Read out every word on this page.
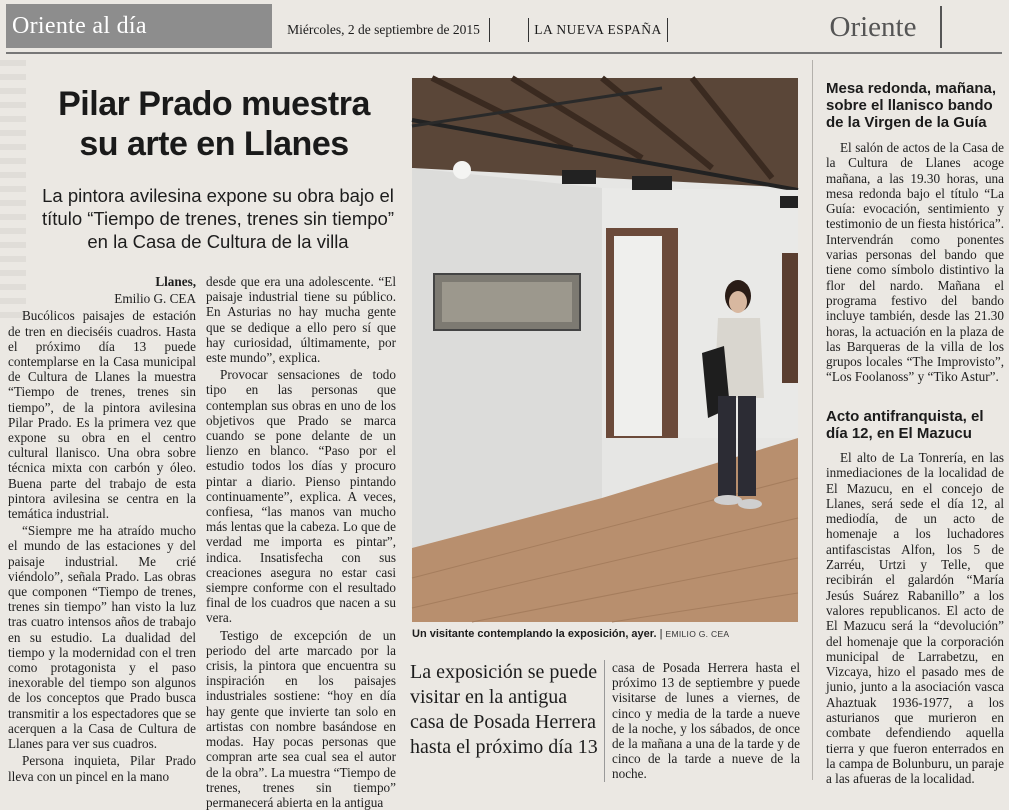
Oriente al día	Miércoles, 2 de septiembre de 2015	LA NUEVA ESPAÑA	Oriente
Pilar Prado muestra
su arte en Llanes
La pintora avilesina expone su obra bajo el título “Tiempo de trenes, trenes sin tiempo” en la Casa de Cultura de la villa

Llanes,

Emilio G. CEA

Bucólicos paisajes de estación de tren en dieciséis cuadros. Hasta el próximo día 13 puede contemplarse en la Casa municipal de Cultura de Llanes la muestra “Tiempo de trenes, trenes sin tiempo”, de la pintora avilesina Pilar Prado. Es la primera vez que expone su obra en el centro cultural llanisco. Una obra sobre técnica mixta con carbón y óleo. Buena parte del trabajo de esta pintora avilesina se centra en la temática industrial.

“Siempre me ha atraído mucho el mundo de las estaciones y del paisaje industrial. Me crié viéndolo”, señala Prado. Las obras que componen “Tiempo de trenes, trenes sin tiempo” han visto la luz tras cuatro intensos años de trabajo en su estudio. La dualidad del tiempo y la modernidad con el tren como protagonista y el paso inexorable del tiempo son algunos de los conceptos que Prado busca transmitir a los espectadores que se acerquen a la Casa de Cultura de Llanes para ver sus cuadros.

Persona inquieta, Pilar Prado lleva con un pincel en la mano

desde que era una adolescente. “El paisaje industrial tiene su público. En Asturias no hay mucha gente que se dedique a ello pero sí que hay curiosidad, últimamente, por este mundo”, explica.

Provocar sensaciones de todo tipo en las personas que contemplan sus obras en uno de los objetivos que Prado se marca cuando se pone delante de un lienzo en blanco. “Paso por el estudio todos los días y procuro pintar a diario. Pienso pintando continuamente”, explica. A veces, confiesa, “las manos van mucho más lentas que la cabeza. Lo que de verdad me importa es pintar”, indica. Insatisfecha con sus creaciones asegura no estar casi siempre conforme con el resultado final de los cuadros que nacen a su vera.

Testigo de excepción de un periodo del arte marcado por la crisis, la pintora que encuentra su inspiración en los paisajes industriales sostiene: “hoy en día hay gente que invierte tan solo en artistas con nombre basándose en modas. Hay pocas personas que compran arte sea cual sea el autor de la obra”. La muestra “Tiempo de trenes, trenes sin tiempo” permanecerá abierta en la antigua

Un visitante contemplando la exposición, ayer. | EMILIO G. CEA
La exposición se puede visitar en la antigua casa de Posada Herrera hasta el próximo día 13

casa de Posada Herrera hasta el próximo 13 de septiembre y puede visitarse de lunes a viernes, de cinco y media de la tarde a nueve de la noche, y los sábados, de once de la mañana a una de la tarde y de cinco de la tarde a nueve de la noche.

Mesa redonda, mañana, sobre el llanisco bando de la Virgen de la Guía

El salón de actos de la Casa de la Cultura de Llanes acoge mañana, a las 19.30 horas, una mesa redonda bajo el título “La Guía: evocación, sentimiento y testimonio de un fiesta histórica”. Intervendrán como ponentes varias personas del bando que tiene como símbolo distintivo la flor del nardo. Mañana el programa festivo del bando incluye también, desde las 21.30 horas, la actuación en la plaza de las Barqueras de la villa de los grupos locales “The Improvisto”, “Los Foolanoss” y “Tiko Astur”.

Acto antifranquista, el día 12, en El Mazucu

El alto de La Tonrería, en las inmediaciones de la localidad de El Mazucu, en el concejo de Llanes, será sede el día 12, al mediodía, de un acto de homenaje a los luchadores antifascistas Alfon, los 5 de Zarréu, Urtzi y Telle, que recibirán el galardón “María Jesús Suárez Rabanillo” a los valores republicanos. El acto de El Mazucu será la “devolución” del homenaje que la corporación municipal de Larrabetzu, en Vizcaya, hizo el pasado mes de junio, junto a la asociación vasca Ahaztuak 1936-1977, a los asturianos que murieron en combate defendiendo aquella tierra y que fueron enterrados en la campa de Bolunburu, un paraje a las afueras de la localidad.
